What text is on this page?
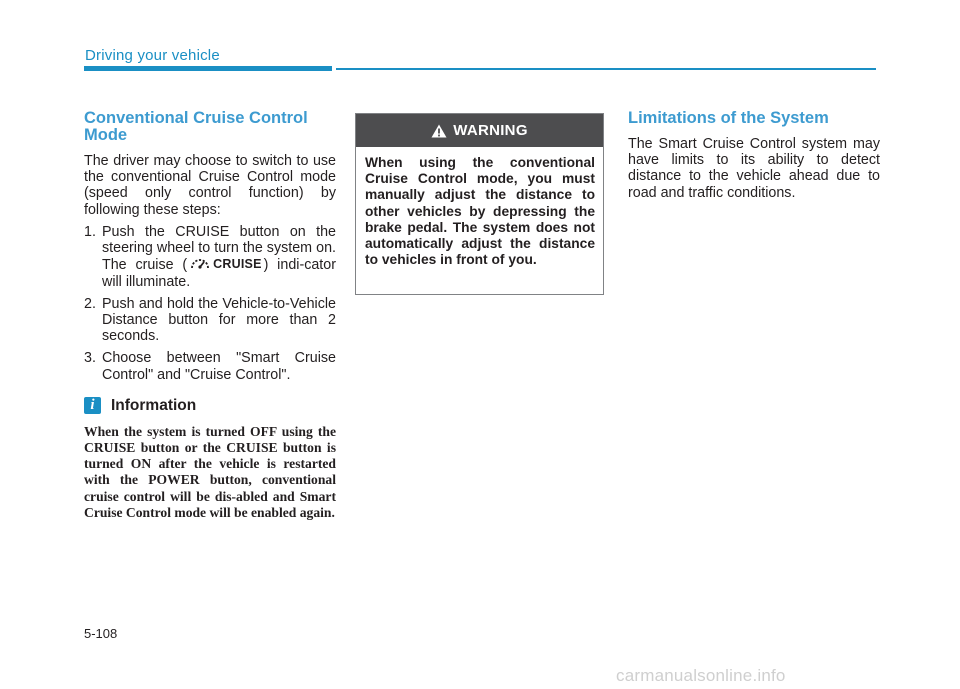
Driving your vehicle
Conventional Cruise Control Mode

The driver may choose to switch to use the conventional Cruise Control mode (speed only control function) by following these steps:

1. Push the CRUISE button on the steering wheel to turn the system on. The cruise ( CRUISE ) indi-cator will illuminate.
2. Push and hold the Vehicle-to-Vehicle Distance button for more than 2 seconds.
3. Choose between "Smart Cruise Control" and "Cruise Control".
i	Information
When the system is turned OFF using the CRUISE button or the CRUISE button is turned ON after the vehicle is restarted with the POWER button, conventional cruise control will be dis-abled and Smart Cruise Control mode will be enabled again.
WARNING
When using the conventional Cruise Control mode, you must manually adjust the distance to other vehicles by depressing the brake pedal. The system does not automatically adjust the distance to vehicles in front of you.
Limitations of the System

The Smart Cruise Control system may have limits to its ability to detect distance to the vehicle ahead due to road and traffic conditions.

5-108
carmanualsonline.info
